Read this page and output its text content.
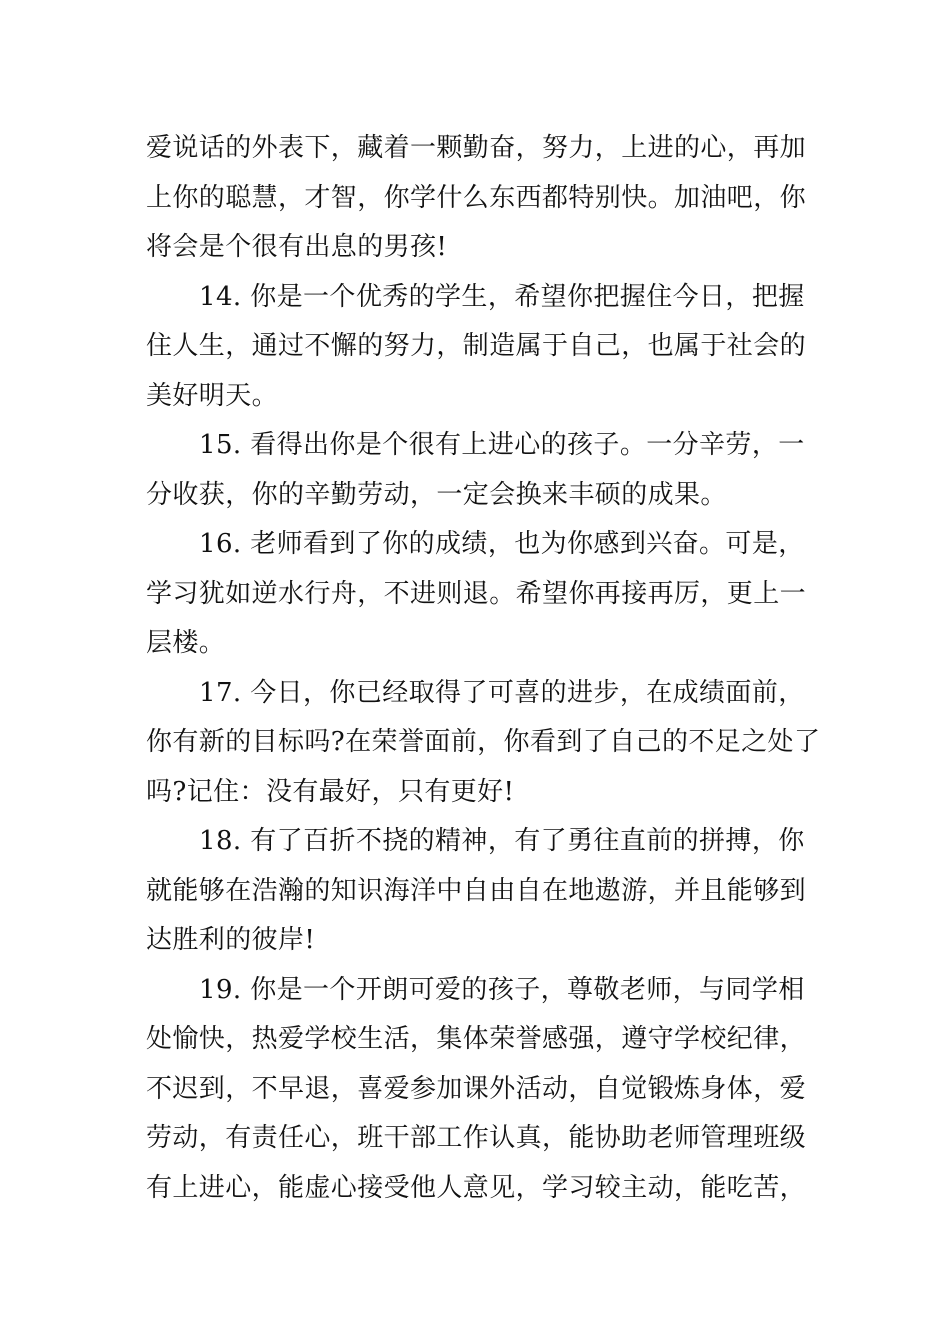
爱说话的外表下，藏着一颗勤奋，努力，上进的心，再加
上你的聪慧，才智，你学什么东西都特别快。加油吧，你
将会是个很有出息的男孩!
14. 你是一个优秀的学生，希望你把握住今日，把握
住人生，通过不懈的努力，制造属于自己，也属于社会的
美好明天。
15. 看得出你是个很有上进心的孩子。一分辛劳，一
分收获，你的辛勤劳动，一定会换来丰硕的成果。
16. 老师看到了你的成绩，也为你感到兴奋。可是，
学习犹如逆水行舟，不进则退。希望你再接再厉，更上一
层楼。
17. 今日，你已经取得了可喜的进步，在成绩面前，
你有新的目标吗?在荣誉面前，你看到了自己的不足之处了
吗?记住：没有最好，只有更好!
18. 有了百折不挠的精神，有了勇往直前的拼搏，你
就能够在浩瀚的知识海洋中自由自在地遨游，并且能够到
达胜利的彼岸!
19. 你是一个开朗可爱的孩子，尊敬老师，与同学相
处愉快，热爱学校生活，集体荣誉感强，遵守学校纪律，
不迟到，不早退，喜爱参加课外活动，自觉锻炼身体，爱
劳动，有责任心，班干部工作认真，能协助老师管理班级
有上进心，能虚心接受他人意见，学习较主动，能吃苦，
